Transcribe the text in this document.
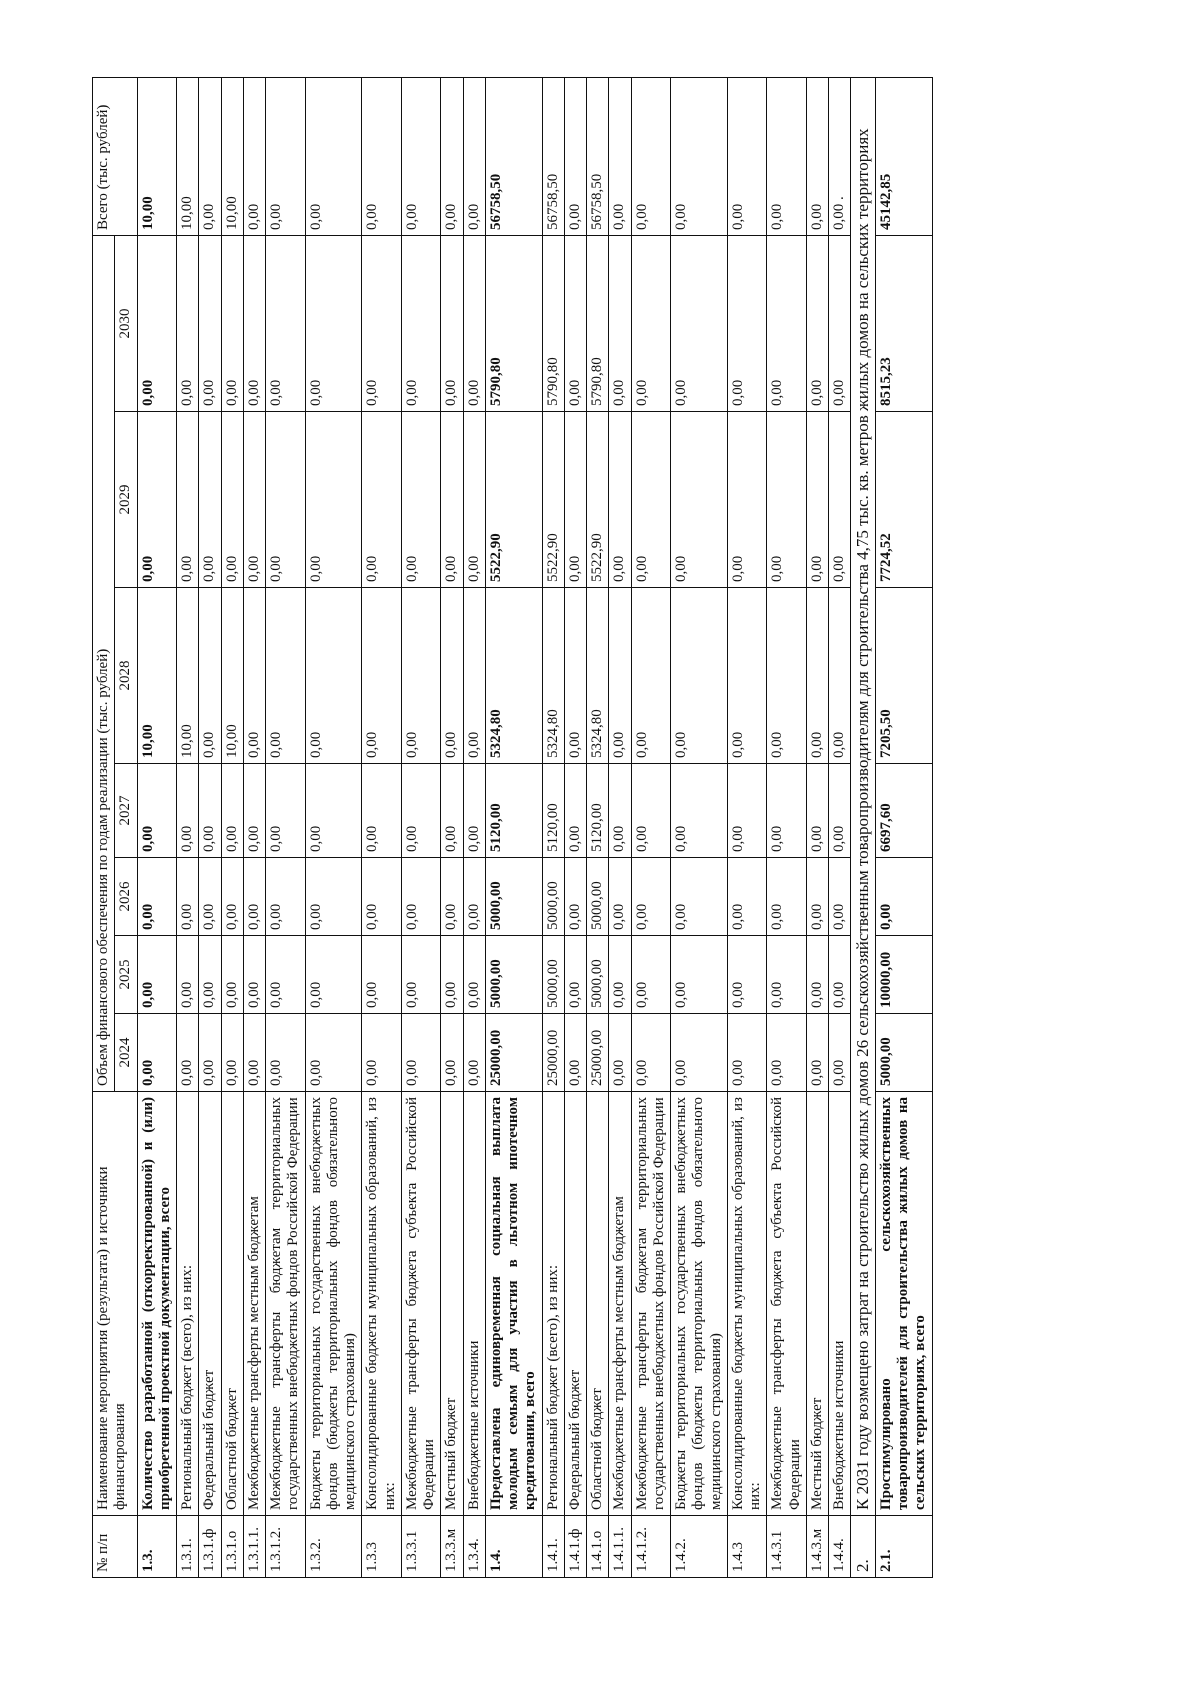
№ п/п	Наименование мероприятия (результата) и источники финансирования	Объем финансового обеспечения по годам реализации (тыс. рублей)							Всего (тыс. рублей)
		2024	2025	2026	2027	2028	2029	2030	
1.3.	Количество разработанной (откорректированной) и (или) приобретенной проектной документации, всего	0,00	0,00	0,00	0,00	10,00	0,00	0,00	10,00
1.3.1.	Региональный бюджет (всего), из них:	0,00	0,00	0,00	0,00	10,00	0,00	0,00	10,00
1.3.1.ф	Федеральный бюджет	0,00	0,00	0,00	0,00	0,00	0,00	0,00	0,00
1.3.1.о	Областной бюджет	0,00	0,00	0,00	0,00	10,00	0,00	0,00	10,00
1.3.1.1.	Межбюджетные трансферты местным бюджетам	0,00	0,00	0,00	0,00	0,00	0,00	0,00	0,00
1.3.1.2.	Межбюджетные трансферты бюджетам территориальных государственных внебюджетных фондов Российской Федерации	0,00	0,00	0,00	0,00	0,00	0,00	0,00	0,00
1.3.2.	Бюджеты территориальных государственных внебюджетных фондов (бюджеты территориальных фондов обязательного медицинского страхования)	0,00	0,00	0,00	0,00	0,00	0,00	0,00	0,00
1.3.3	Консолидированные бюджеты муниципальных образований, из них:	0,00	0,00	0,00	0,00	0,00	0,00	0,00	0,00
1.3.3.1	Межбюджетные трансферты бюджета субъекта Российской Федерации	0,00	0,00	0,00	0,00	0,00	0,00	0,00	0,00
1.3.3.м	Местный бюджет	0,00	0,00	0,00	0,00	0,00	0,00	0,00	0,00
1.3.4.	Внебюджетные источники	0,00	0,00	0,00	0,00	0,00	0,00	0,00	0,00
1.4.	Предоставлена единовременная социальная выплата молодым семьям для участия в льготном ипотечном кредитовании, всего	25000,00	5000,00	5000,00	5120,00	5324,80	5522,90	5790,80	56758,50
1.4.1.	Региональный бюджет (всего), из них:	25000,00	5000,00	5000,00	5120,00	5324,80	5522,90	5790,80	56758,50
1.4.1.ф	Федеральный бюджет	0,00	0,00	0,00	0,00	0,00	0,00	0,00	0,00
1.4.1.о	Областной бюджет	25000,00	5000,00	5000,00	5120,00	5324,80	5522,90	5790,80	56758,50
1.4.1.1.	Межбюджетные трансферты местным бюджетам	0,00	0,00	0,00	0,00	0,00	0,00	0,00	0,00
1.4.1.2.	Межбюджетные трансферты бюджетам территориальных государственных внебюджетных фондов Российской Федерации	0,00	0,00	0,00	0,00	0,00	0,00	0,00	0,00
1.4.2.	Бюджеты территориальных государственных внебюджетных фондов (бюджеты территориальных фондов обязательного медицинского страхования)	0,00	0,00	0,00	0,00	0,00	0,00	0,00	0,00
1.4.3	Консолидированные бюджеты муниципальных образований, из них:	0,00	0,00	0,00	0,00	0,00	0,00	0,00	0,00
1.4.3.1	Межбюджетные трансферты бюджета субъекта Российской Федерации	0,00	0,00	0,00	0,00	0,00	0,00	0,00	0,00
1.4.3.м	Местный бюджет	0,00	0,00	0,00	0,00	0,00	0,00	0,00	0,00
1.4.4.	Внебюджетные источники	0,00	0,00	0,00	0,00	0,00	0,00	0,00	0,00 .
2.	К 2031 году возмещено затрат на строительство жилых домов 26 сельскохозяйственным товаропроизводителям для строительства 4,75 тыс. кв. метров жилых домов на сельских территориях								
2.1.	Простимулировано сельскохозяйственных товаропроизводителей для строительства жилых домов на сельских территориях, всего	5000,00	10000,00	0,00	6697,60	7205,50	7724,52	8515,23	45142,85
